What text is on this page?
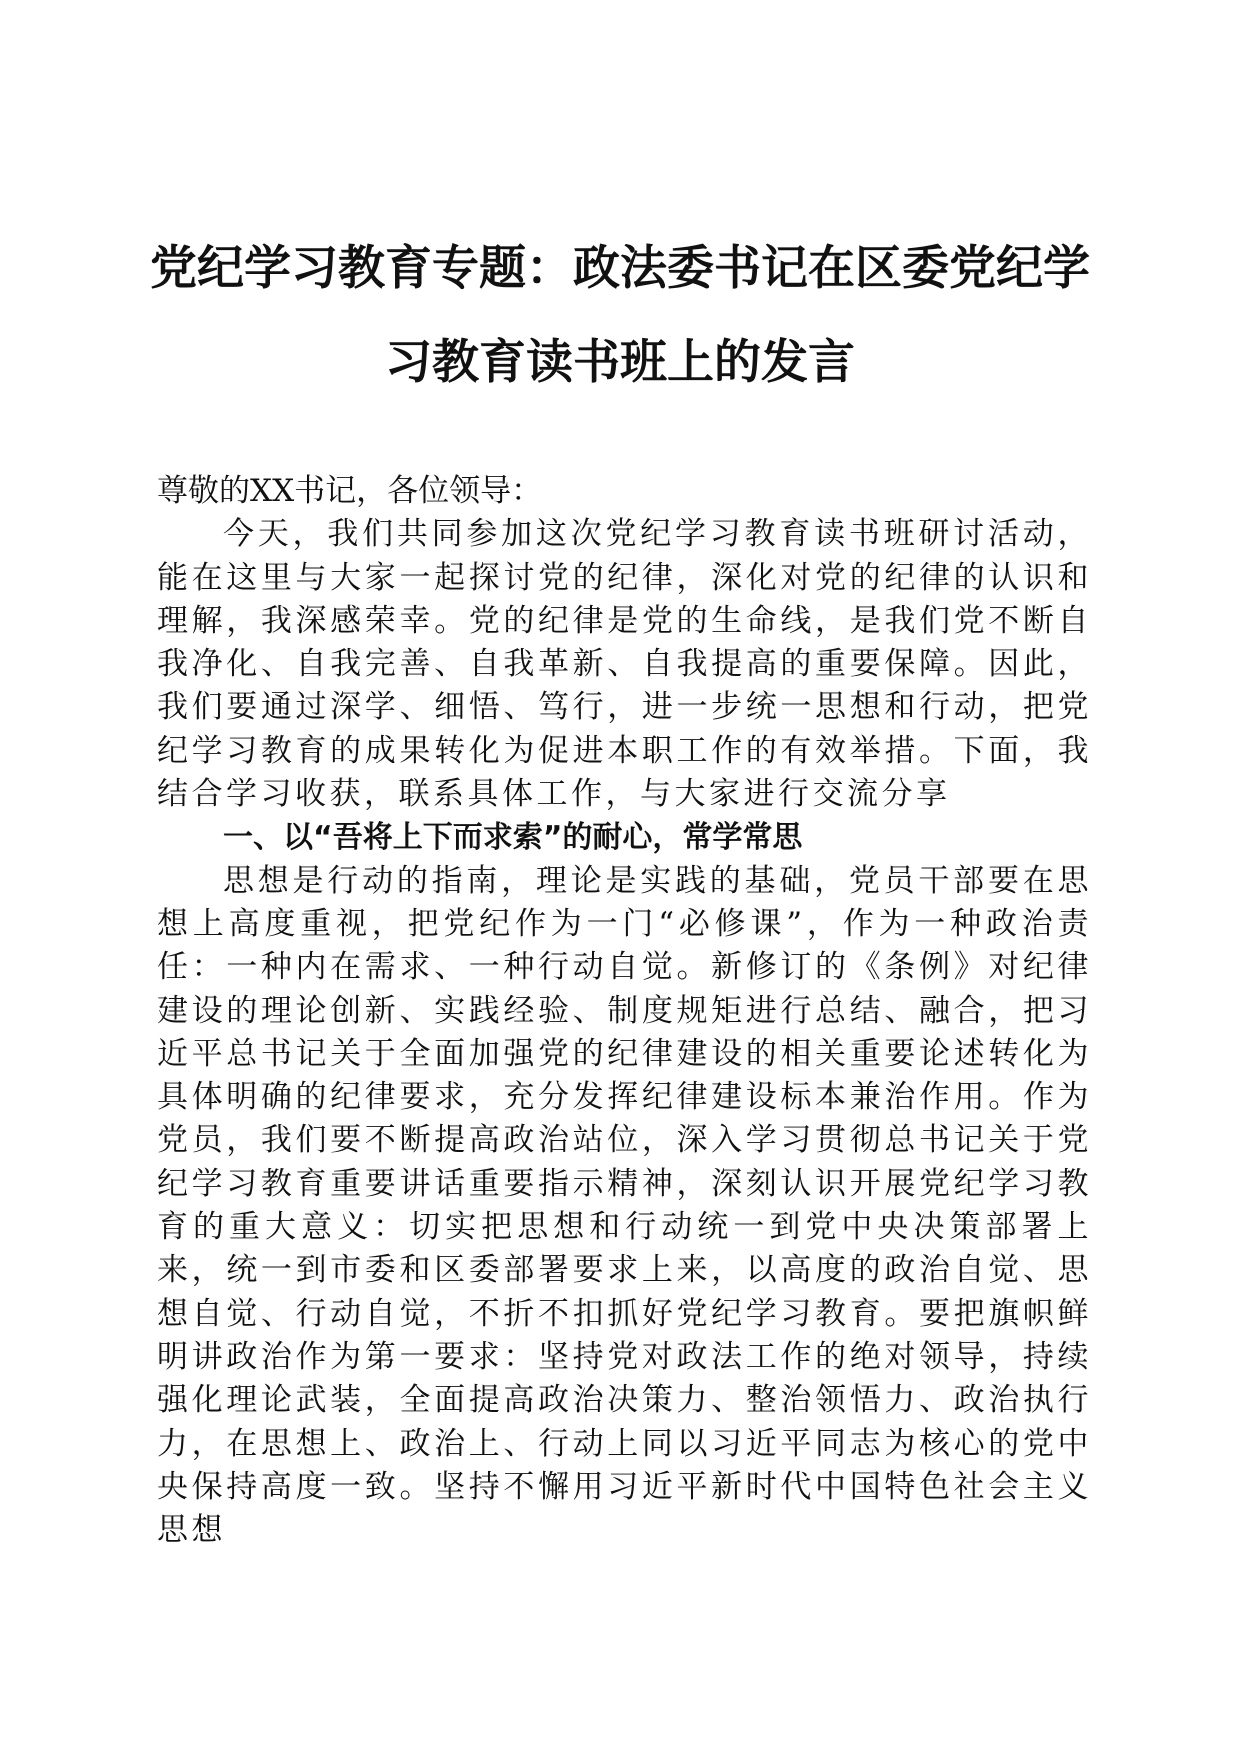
党纪学习教育专题：政法委书记在区委党纪学
习教育读书班上的发言

尊敬的XX书记，各位领导：

今天，我们共同参加这次党纪学习教育读书班研讨活动，能在这里与大家一起探讨党的纪律，深化对党的纪律的认识和理解，我深感荣幸。党的纪律是党的生命线，是我们党不断自我净化、自我完善、自我革新、自我提高的重要保障。因此，我们要通过深学、细悟、笃行，进一步统一思想和行动，把党纪学习教育的成果转化为促进本职工作的有效举措。下面，我结合学习收获，联系具体工作，与大家进行交流分享

一、以“吾将上下而求索”的耐心，常学常思

思想是行动的指南，理论是实践的基础，党员干部要在思想上高度重视，把党纪作为一门“必修课”，作为一种政治责任：一种内在需求、一种行动自觉。新修订的《条例》对纪律建设的理论创新、实践经验、制度规矩进行总结、融合，把习近平总书记关于全面加强党的纪律建设的相关重要论述转化为具体明确的纪律要求，充分发挥纪律建设标本兼治作用。作为党员，我们要不断提高政治站位，深入学习贯彻总书记关于党纪学习教育重要讲话重要指示精神，深刻认识开展党纪学习教育的重大意义：切实把思想和行动统一到党中央决策部署上来，统一到市委和区委部署要求上来，以高度的政治自觉、思想自觉、行动自觉，不折不扣抓好党纪学习教育。要把旗帜鲜明讲政治作为第一要求：坚持党对政法工作的绝对领导，持续强化理论武装，全面提高政治决策力、整治领悟力、政治执行力，在思想上、政治上、行动上同以习近平同志为核心的党中央保持高度一致。坚持不懈用习近平新时代中国特色社会主义思想
